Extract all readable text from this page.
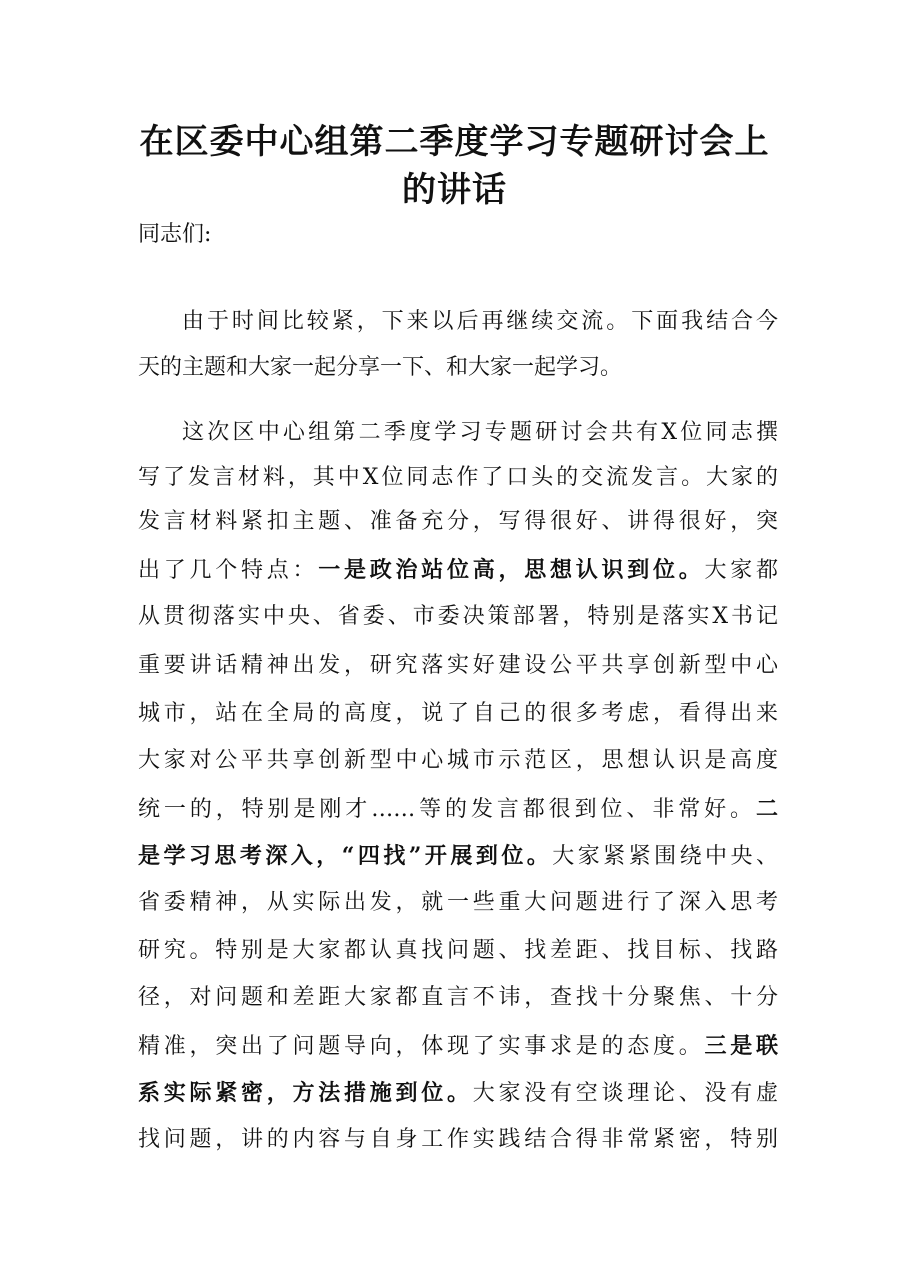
在区委中心组第二季度学习专题研讨会上
的讲话
同志们:
由于时间比较紧，下来以后再继续交流。下面我结合今
天的主题和大家一起分享一下、和大家一起学习。
这次区中心组第二季度学习专题研讨会共有X位同志撰
写了发言材料，其中X位同志作了口头的交流发言。大家的
发言材料紧扣主题、准备充分，写得很好、讲得很好，突
出了几个特点：一是政治站位高，思想认识到位。大家都
从贯彻落实中央、省委、市委决策部署，特别是落实X书记
重要讲话精神出发，研究落实好建设公平共享创新型中心
城市，站在全局的高度，说了自己的很多考虑，看得出来
大家对公平共享创新型中心城市示范区，思想认识是高度
统一的，特别是刚才……等的发言都很到位、非常好。二
是学习思考深入，“四找”开展到位。大家紧紧围绕中央、
省委精神，从实际出发，就一些重大问题进行了深入思考
研究。特别是大家都认真找问题、找差距、找目标、找路
径，对问题和差距大家都直言不讳，查找十分聚焦、十分
精准，突出了问题导向，体现了实事求是的态度。三是联
系实际紧密，方法措施到位。大家没有空谈理论、没有虚
找问题，讲的内容与自身工作实践结合得非常紧密，特别
